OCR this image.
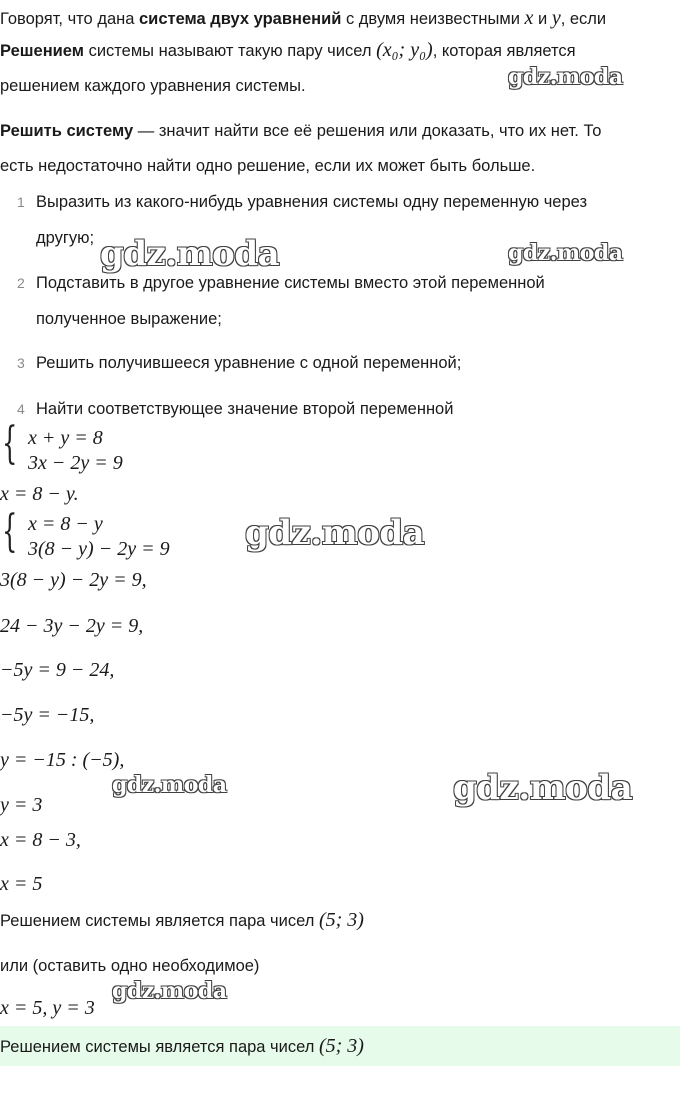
Говорят, что дана система двух уравнений с двумя неизвестными x и y, если
Решением системы называют такую пару чисел (x₀; y₀), которая является
решением каждого уравнения системы.
Решить систему — значит найти все её решения или доказать, что их нет. То
есть недостаточно найти одно решение, если их может быть больше.
1 Выразить из какого-нибудь уравнения системы одну переменную через
другую;
2 Подставить в другое уравнение системы вместо этой переменной
полученное выражение;
3 Решить получившееся уравнение с одной переменной;
4 Найти соответствующее значение второй переменной
{ x + y = 8
3x − 2y = 9
x = 8 − y.
{ x = 8 − y
3(8 − y) − 2y = 9
3(8 − y) − 2y = 9,
24 − 3y − 2y = 9,
−5y = 9 − 24,
−5y = −15,
y = −15 : (−5),
y = 3
x = 8 − 3,
x = 5
Решением системы является пара чисел (5; 3)
или (оставить одно необходимое)
x = 5, y = 3
Решением системы является пара чисел (5; 3)
gdz.moda
gdz.moda	gdz.moda
gdz.moda
gdz.moda	gdz.moda
gdz.moda
